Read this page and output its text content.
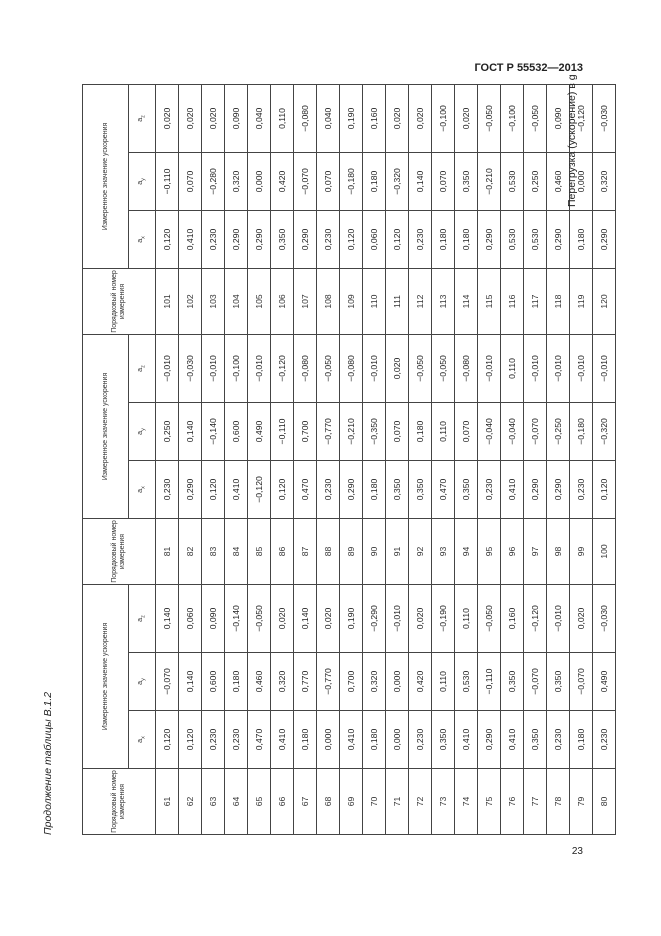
ГОСТ Р 55532—2013
Продолжение таблицы В.1.2	Порядковый номер измерения	Измеренное значение ускорения			Порядковый номер измерения	Измеренное значение ускорения			Порядковый номер измерения	Измеренное значение ускорения		
	$a_x$	$a_y$	$a_z$		$a_x$	$a_y$	$a_z$		$a_x$	$a_y$	$a_z$
61	0,120	−0,070	0,140	81	0,230	0,250	−0,010	101	0,120	−0,110	0,020
62	0,120	0,140	0,060	82	0,290	0,140	−0,030	102	0,410	0,070	0,020
63	0,230	0,600	0,090	83	0,120	−0,140	−0,010	103	0,230	−0,280	0,020
64	0,230	0,180	−0,140	84	0,410	0,600	−0,100	104	0,290	0,320	0,090
65	0,470	0,460	−0,050	85	−0,120	0,490	−0,010	105	0,290	0,000	0,040
66	0,410	0,320	0,020	86	0,120	−0,110	−0,120	106	0,350	0,420	0,110
67	0,180	0,770	0,140	87	0,470	0,700	−0,080	107	0,290	−0,070	−0,080
68	0,000	−0,770	0,020	88	0,230	−0,770	−0,050	108	0,230	0,070	0,040
69	0,410	0,700	0,190	89	0,290	−0,210	−0,080	109	0,120	−0,180	0,190
70	0,180	0,320	−0,290	90	0,180	−0,350	−0,010	110	0,060	0,180	0,160
71	0,000	0,000	−0,010	91	0,350	0,070	0,020	111	0,120	−0,320	0,020
72	0,230	0,420	0,020	92	0,350	0,180	−0,050	112	0,230	0,140	0,020
73	0,350	0,110	−0,190	93	0,470	0,110	−0,050	113	0,180	0,070	−0,100
74	0,410	0,530	0,110	94	0,350	0,070	−0,080	114	0,180	0,350	0,020
75	0,290	−0,110	−0,050	95	0,230	−0,040	−0,010	115	0,290	−0,210	−0,050
76	0,410	0,350	0,160	96	0,410	−0,040	0,110	116	0,530	0,530	−0,100
77	0,350	−0,070	−0,120	97	0,290	−0,070	−0,010	117	0,530	0,250	−0,050
78	0,230	0,350	−0,010	98	0,290	−0,250	−0,010	118	0,290	0,460	0,090
79	0,180	−0,070	0,020	99	0,230	−0,180	−0,010	119	0,180	0,000	−0,120
80	0,230	0,490	−0,030	100	0,120	−0,320	−0,010	120	0,290	0,320	−0,030
Перегрузка (ускорение) в g
23
